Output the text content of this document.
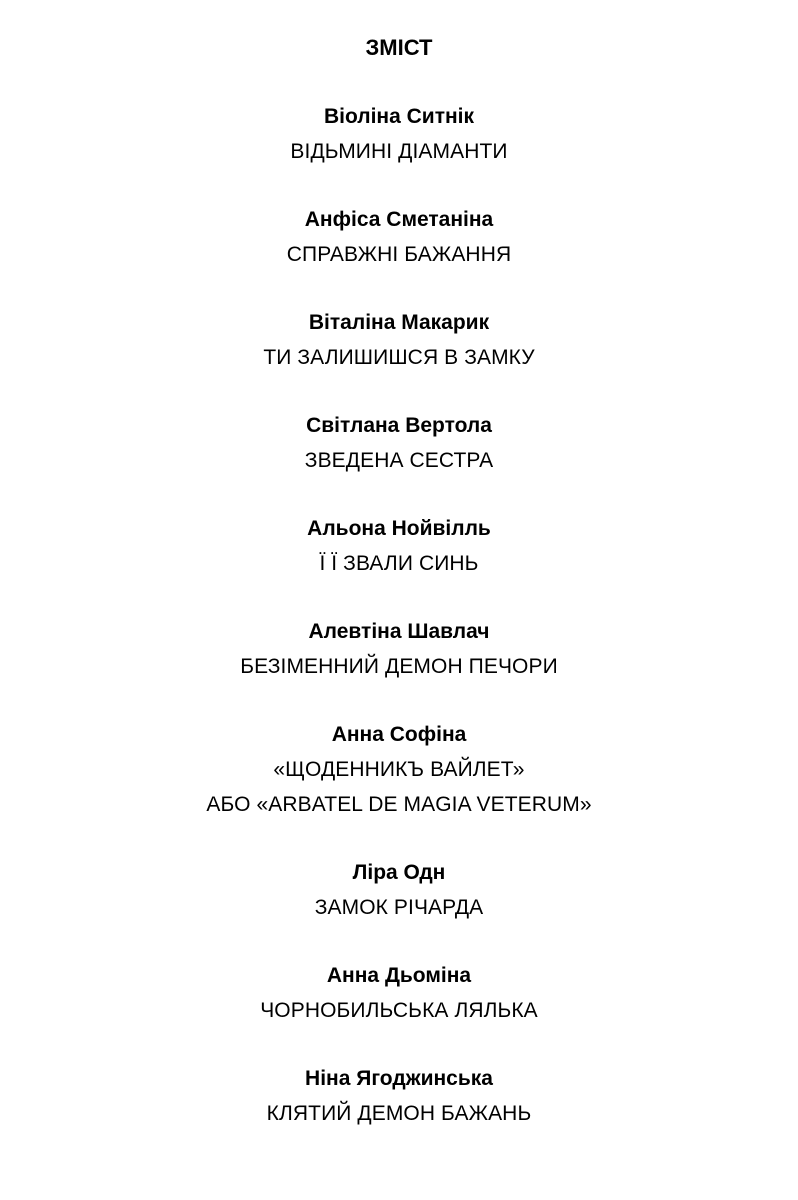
ЗМІСТ
Віоліна Ситнік
ВІДЬМИНІ ДІАМАНТИ
Анфіса Сметаніна
СПРАВЖНІ БАЖАННЯ
Віталіна Макарик
ТИ ЗАЛИШИШСЯ В ЗАМКУ
Світлана Вертола
ЗВЕДЕНА СЕСТРА
Альона Нойвілль
Ї Ї ЗВАЛИ СИНЬ
Алевтіна Шавлач
БЕЗІМЕННИЙ ДЕМОН ПЕЧОРИ
Анна Софіна
«ЩОДЕННИКЪ ВАЙЛЕТ»
АБО «ARBATEL DE MAGIA VETERUM»
Ліра Одн
ЗАМОК РІЧАРДА
Анна Дьоміна
ЧОРНОБИЛЬСЬКА ЛЯЛЬКА
Ніна Ягоджинська
КЛЯТИЙ ДЕМОН БАЖАНЬ
